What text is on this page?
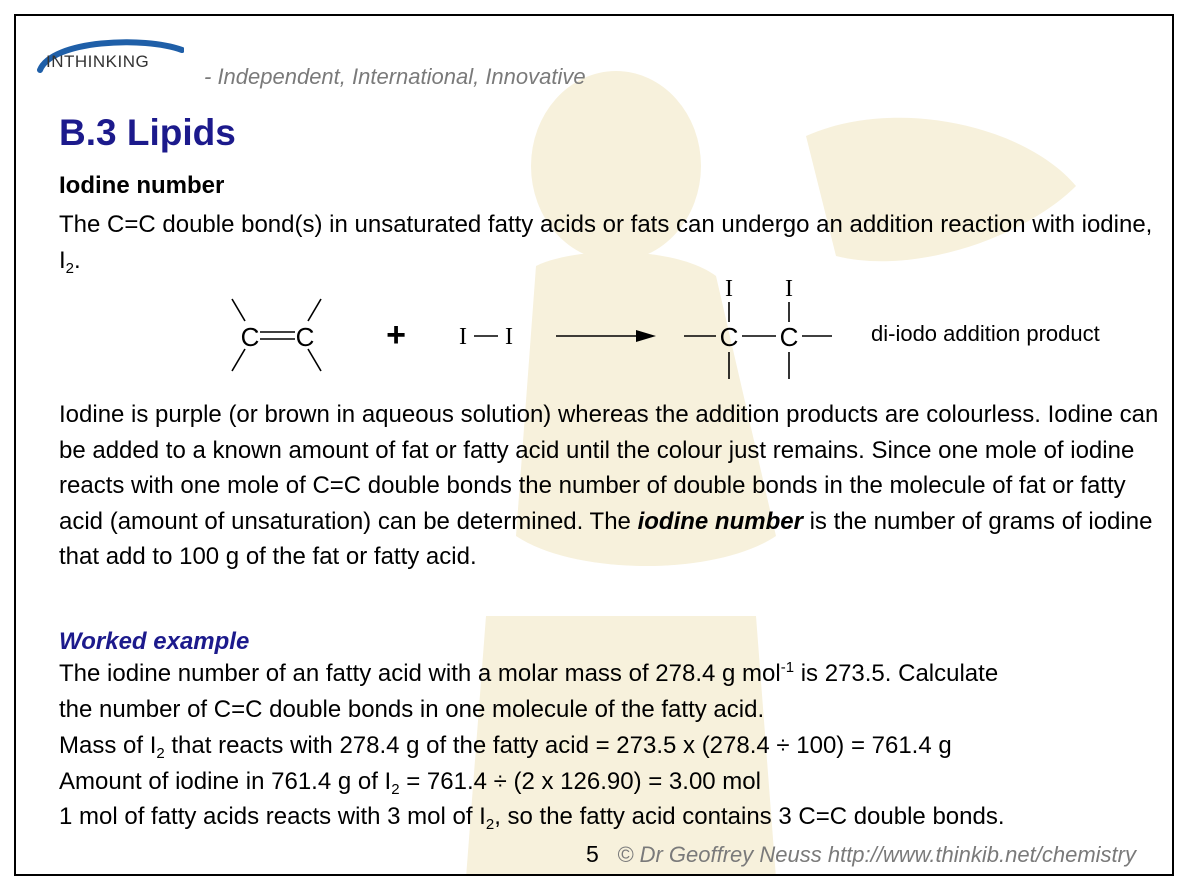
INTHINKING
- Independent, International, Innovative
B.3 Lipids
Iodine number
The C=C double bond(s) in unsaturated fatty acids or fats can undergo an addition reaction with iodine, $I_2$.
C C	C C
+ I I
I I
di-iodo addition product
Iodine is purple (or brown in aqueous solution) whereas the addition products are colourless. Iodine can be added to a known amount of fat or fatty acid until the colour just remains. Since one mole of iodine reacts with one mole of C=C double bonds the number of double bonds in the molecule of fat or fatty acid (amount of unsaturation) can be determined. The iodine number is the number of grams of iodine that add to 100 g of the fat or fatty acid.
Worked example
The iodine number of an fatty acid with a molar mass of 278.4 g mol$^{-1}$ is 273.5. Calculate
the number of C=C double bonds in one molecule of the fatty acid.
Mass of $I_2$ that reacts with 278.4 g of the fatty acid = 273.5 x (278.4 ÷ 100) = 761.4 g
Amount of iodine in 761.4 g of $I_2 = 761.4 \div (2$ x 126.90) = 3.00 mol
1 mol of fatty acids reacts with 3 mol of $I_2$, so the fatty acid contains 3 C=C double bonds.
5 © Dr Geoffrey Neuss http://www.thinkib.net/chemistry
